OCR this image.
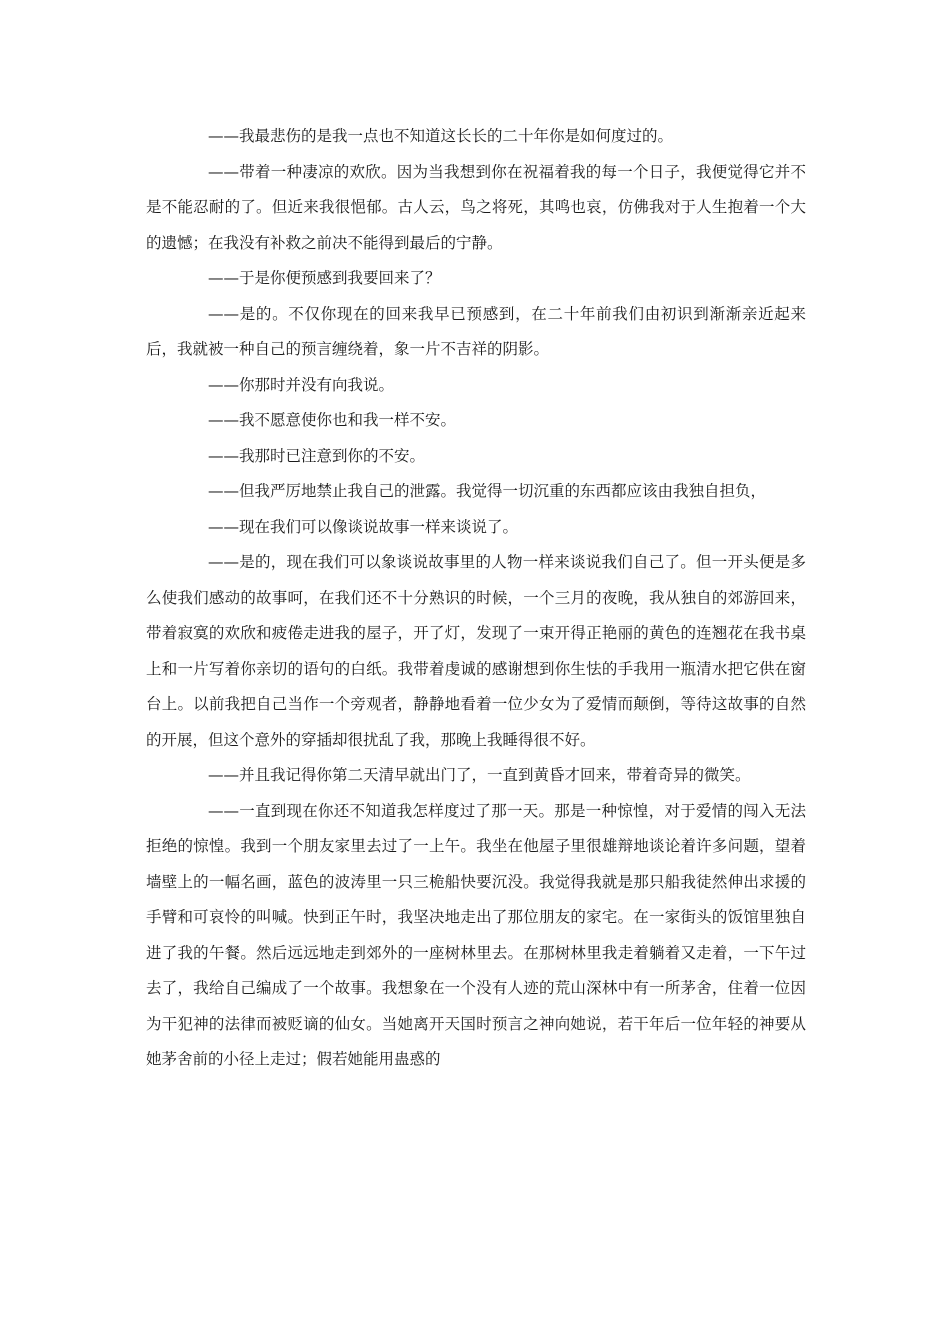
——我最悲伤的是我一点也不知道这长长的二十年你是如何度过的。

——带着一种凄凉的欢欣。因为当我想到你在祝福着我的每一个日子，我便觉得它并不是不能忍耐的了。但近来我很悒郁。古人云，鸟之将死，其鸣也哀，仿佛我对于人生抱着一个大的遗憾；在我没有补救之前决不能得到最后的宁静。

——于是你便预感到我要回来了？

——是的。不仅你现在的回来我早已预感到，在二十年前我们由初识到渐渐亲近起来后，我就被一种自己的预言缠绕着，象一片不吉祥的阴影。

——你那时并没有向我说。

——我不愿意使你也和我一样不安。

——我那时已注意到你的不安。

——但我严厉地禁止我自己的泄露。我觉得一切沉重的东西都应该由我独自担负，

——现在我们可以像谈说故事一样来谈说了。

——是的，现在我们可以象谈说故事里的人物一样来谈说我们自己了。但一开头便是多么使我们感动的故事呵，在我们还不十分熟识的时候，一个三月的夜晚，我从独自的郊游回来，带着寂寞的欢欣和疲倦走进我的屋子，开了灯，发现了一束开得正艳丽的黄色的连翘花在我书桌上和一片写着你亲切的语句的白纸。我带着虔诚的感谢想到你生怯的手我用一瓶清水把它供在窗台上。以前我把自己当作一个旁观者，静静地看着一位少女为了爱情而颠倒，等待这故事的自然的开展，但这个意外的穿插却很扰乱了我，那晚上我睡得很不好。

——并且我记得你第二天清早就出门了，一直到黄昏才回来，带着奇异的微笑。

——一直到现在你还不知道我怎样度过了那一天。那是一种惊惶，对于爱情的闯入无法拒绝的惊惶。我到一个朋友家里去过了一上午。我坐在他屋子里很雄辩地谈论着许多问题，望着墙壁上的一幅名画，蓝色的波涛里一只三桅船快要沉没。我觉得我就是那只船我徒然伸出求援的手臂和可哀怜的叫喊。快到正午时，我坚决地走出了那位朋友的家宅。在一家街头的饭馆里独自进了我的午餐。然后远远地走到郊外的一座树林里去。在那树林里我走着躺着又走着，一下午过去了，我给自己编成了一个故事。我想象在一个没有人迹的荒山深林中有一所茅舍，住着一位因为干犯神的法律而被贬谪的仙女。当她离开天国时预言之神向她说，若干年后一位年轻的神要从她茅舍前的小径上走过；假若她能用蛊惑的
